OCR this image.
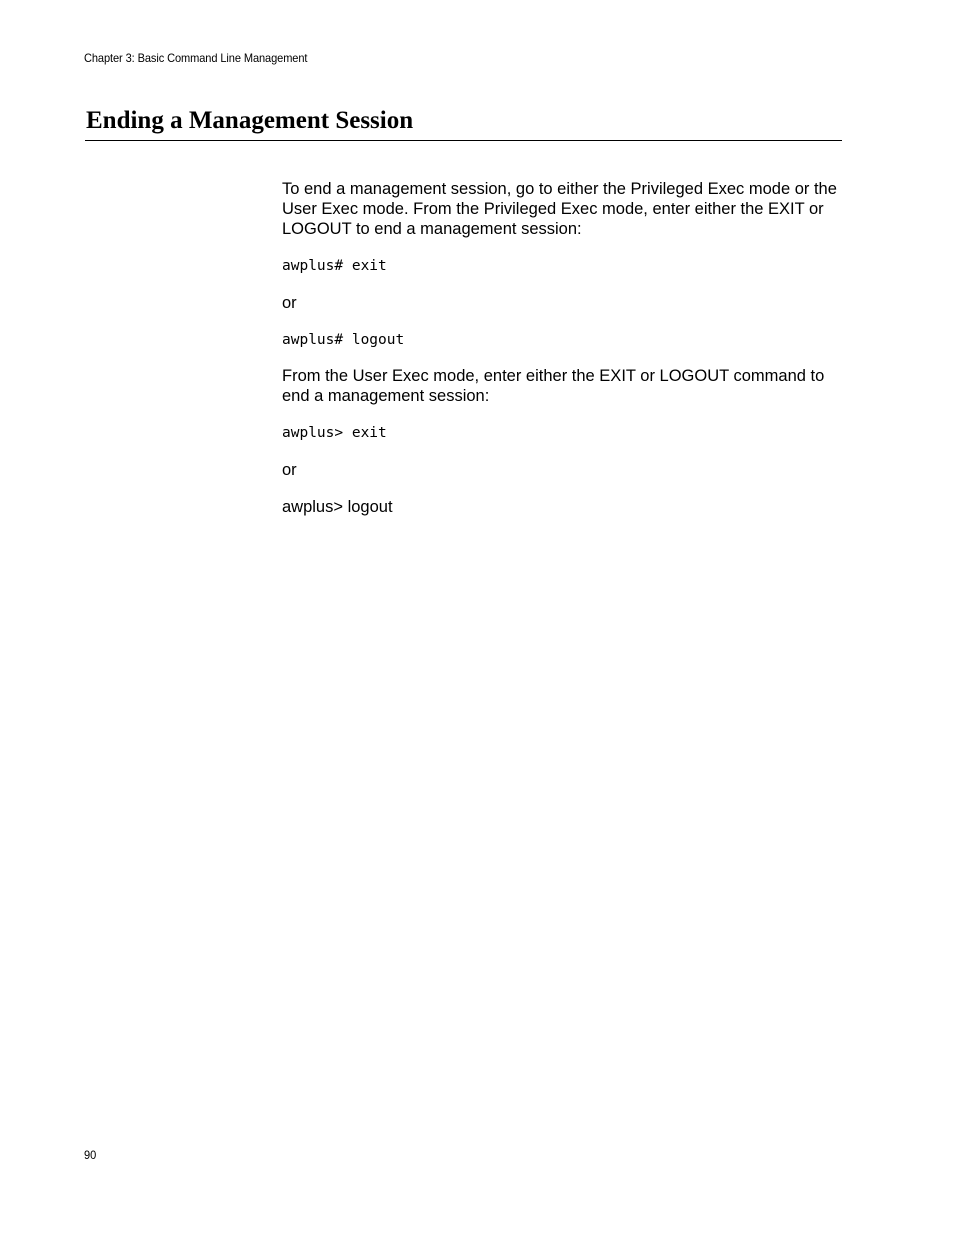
Chapter 3: Basic Command Line Management
Ending a Management Session

To end a management session, go to either the Privileged Exec mode or the User Exec mode. From the Privileged Exec mode, enter either the EXIT or LOGOUT to end a management session:

awplus# exit

or

awplus# logout

From the User Exec mode, enter either the EXIT or LOGOUT command to end a management session:

awplus> exit

or

awplus> logout

90
